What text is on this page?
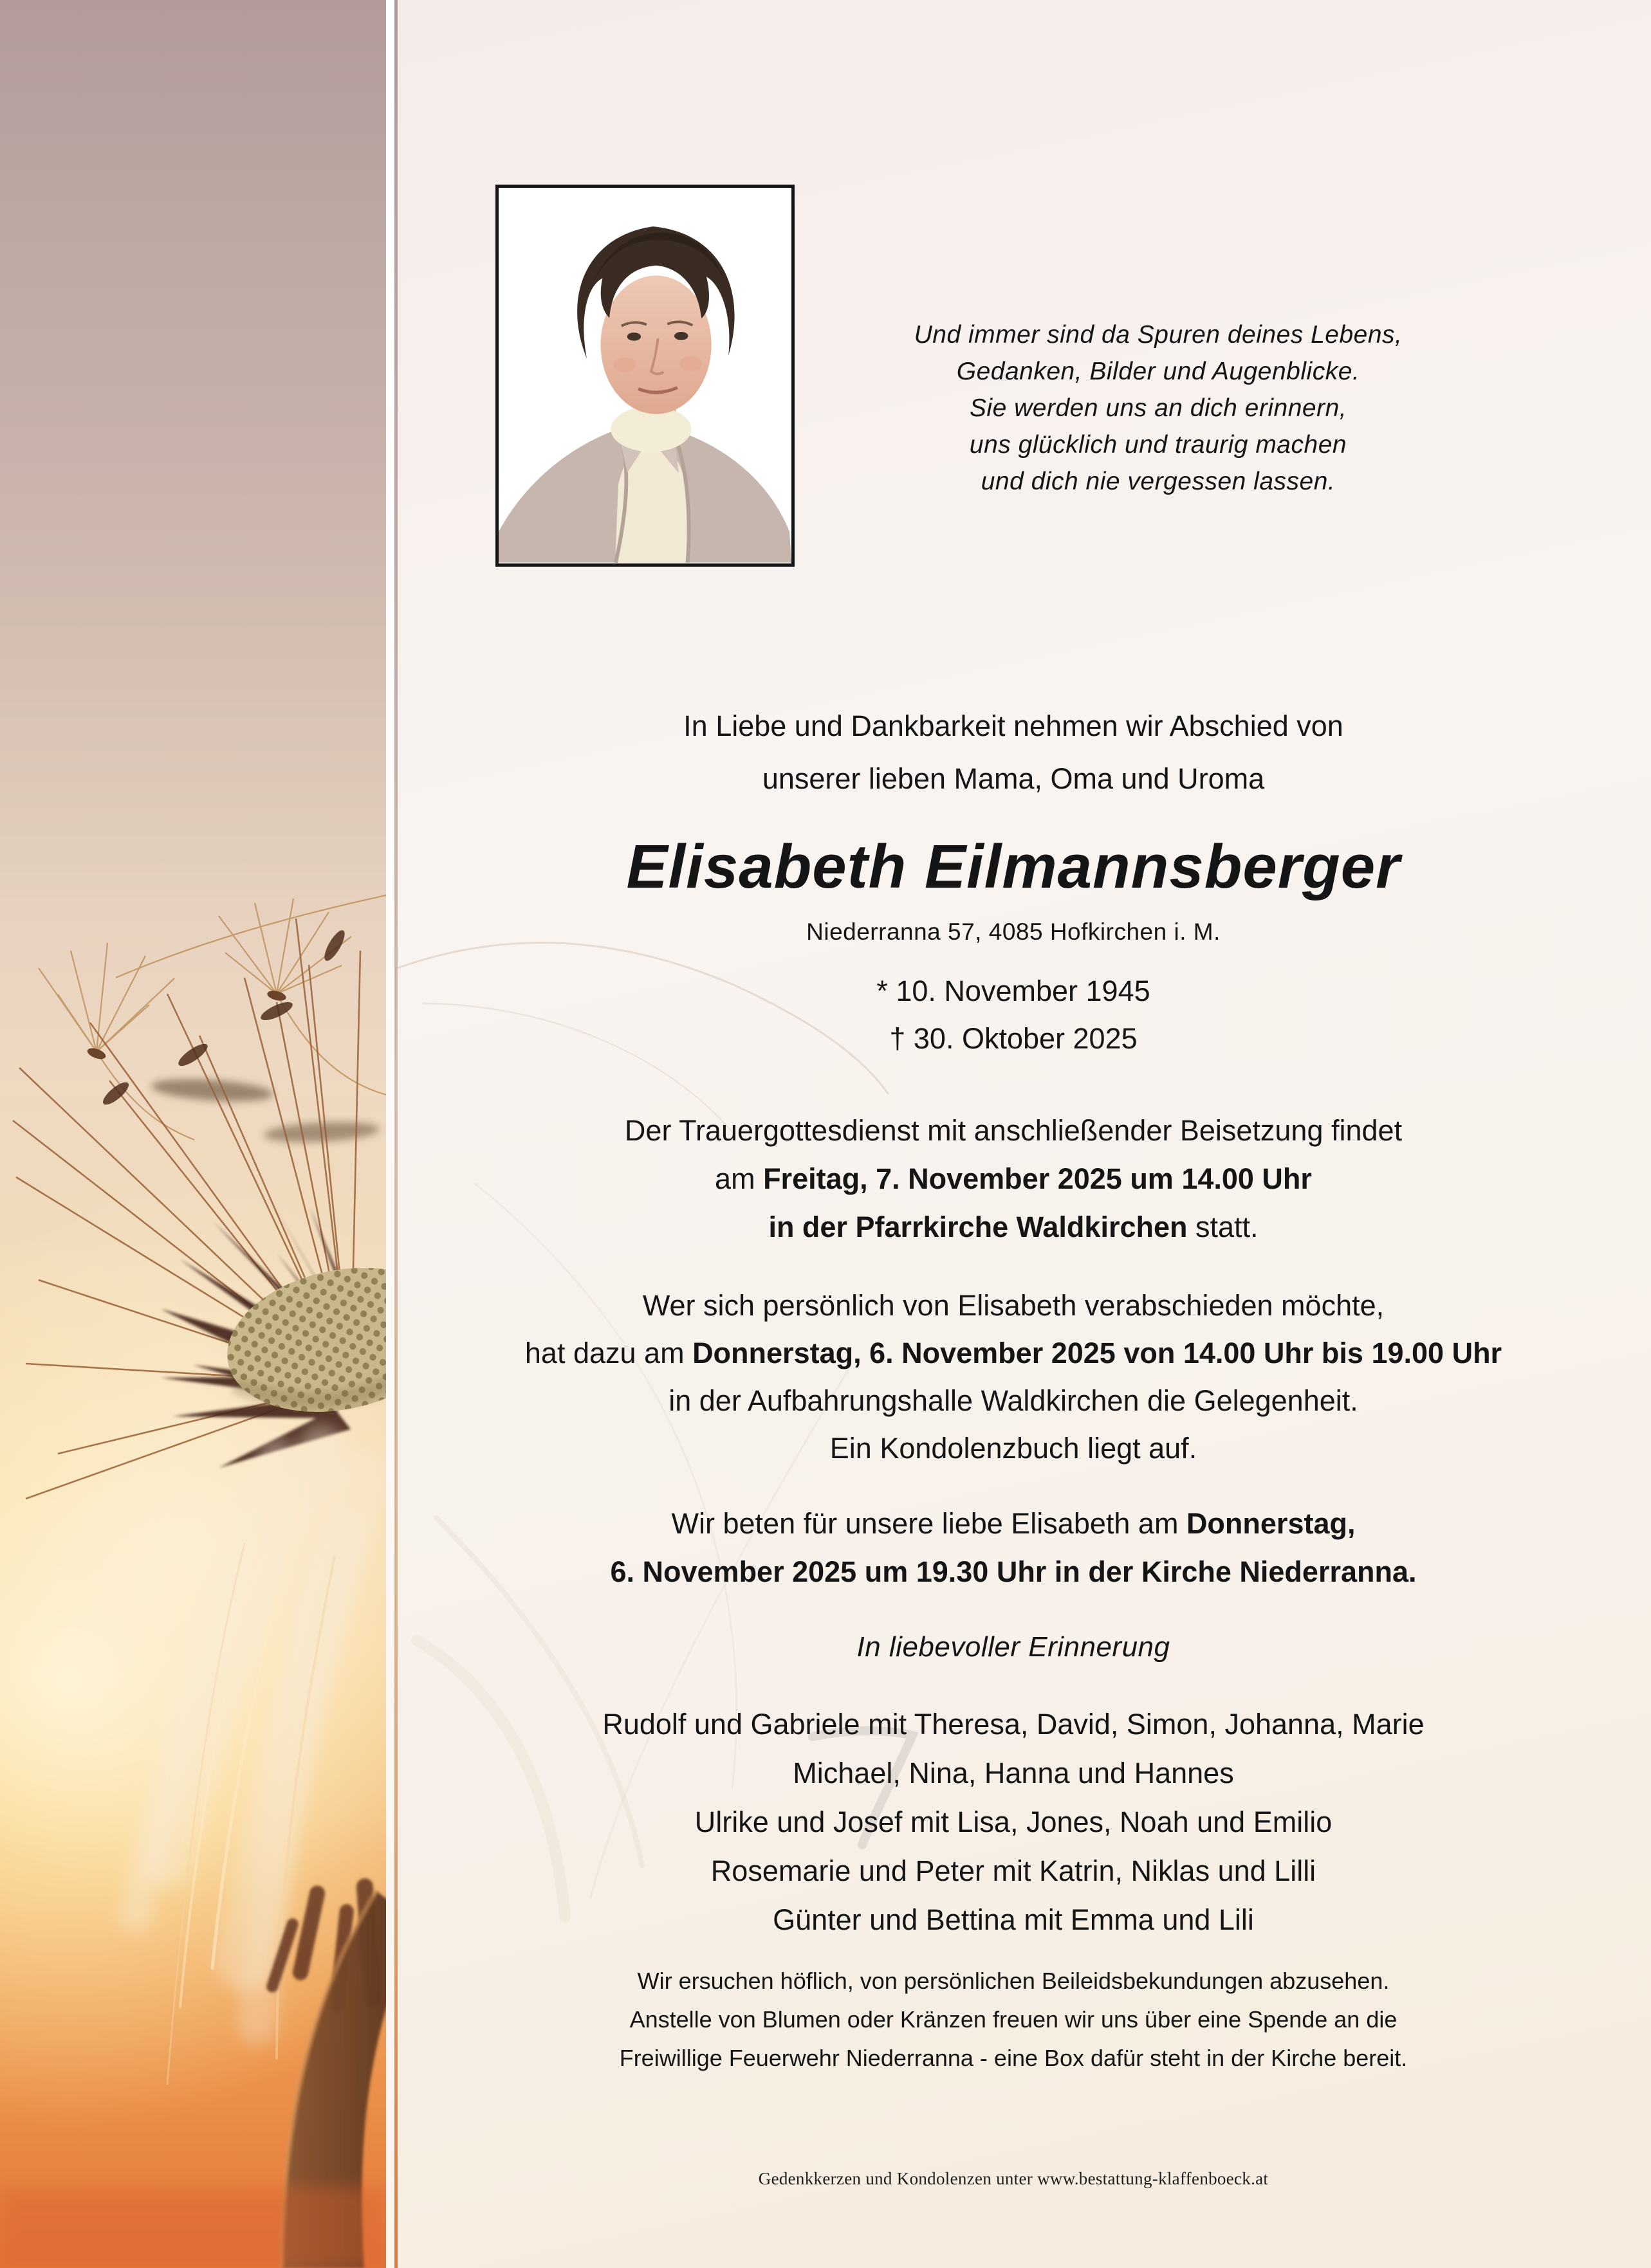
Und immer sind da Spuren deines Lebens,
Gedanken, Bilder und Augenblicke.
Sie werden uns an dich erinnern,
uns glücklich und traurig machen
und dich nie vergessen lassen.
In Liebe und Dankbarkeit nehmen wir Abschied von
unserer lieben Mama, Oma und Uroma
Elisabeth Eilmannsberger
Niederranna 57, 4085 Hofkirchen i. M.
* 10. November 1945
† 30. Oktober 2025
Der Trauergottesdienst mit anschließender Beisetzung findet
am Freitag, 7. November 2025 um 14.00 Uhr
in der Pfarrkirche Waldkirchen statt.
Wer sich persönlich von Elisabeth verabschieden möchte,
hat dazu am Donnerstag, 6. November 2025 von 14.00 Uhr bis 19.00 Uhr
in der Aufbahrungshalle Waldkirchen die Gelegenheit.
Ein Kondolenzbuch liegt auf.
Wir beten für unsere liebe Elisabeth am Donnerstag,
6. November 2025 um 19.30 Uhr in der Kirche Niederranna.
In liebevoller Erinnerung
Rudolf und Gabriele mit Theresa, David, Simon, Johanna, Marie
Michael, Nina, Hanna und Hannes
Ulrike und Josef mit Lisa, Jones, Noah und Emilio
Rosemarie und Peter mit Katrin, Niklas und Lilli
Günter und Bettina mit Emma und Lili
Wir ersuchen höflich, von persönlichen Beileidsbekundungen abzusehen.
Anstelle von Blumen oder Kränzen freuen wir uns über eine Spende an die
Freiwillige Feuerwehr Niederranna - eine Box dafür steht in der Kirche bereit.
Gedenkkerzen und Kondolenzen unter www.bestattung-klaffenboeck.at
